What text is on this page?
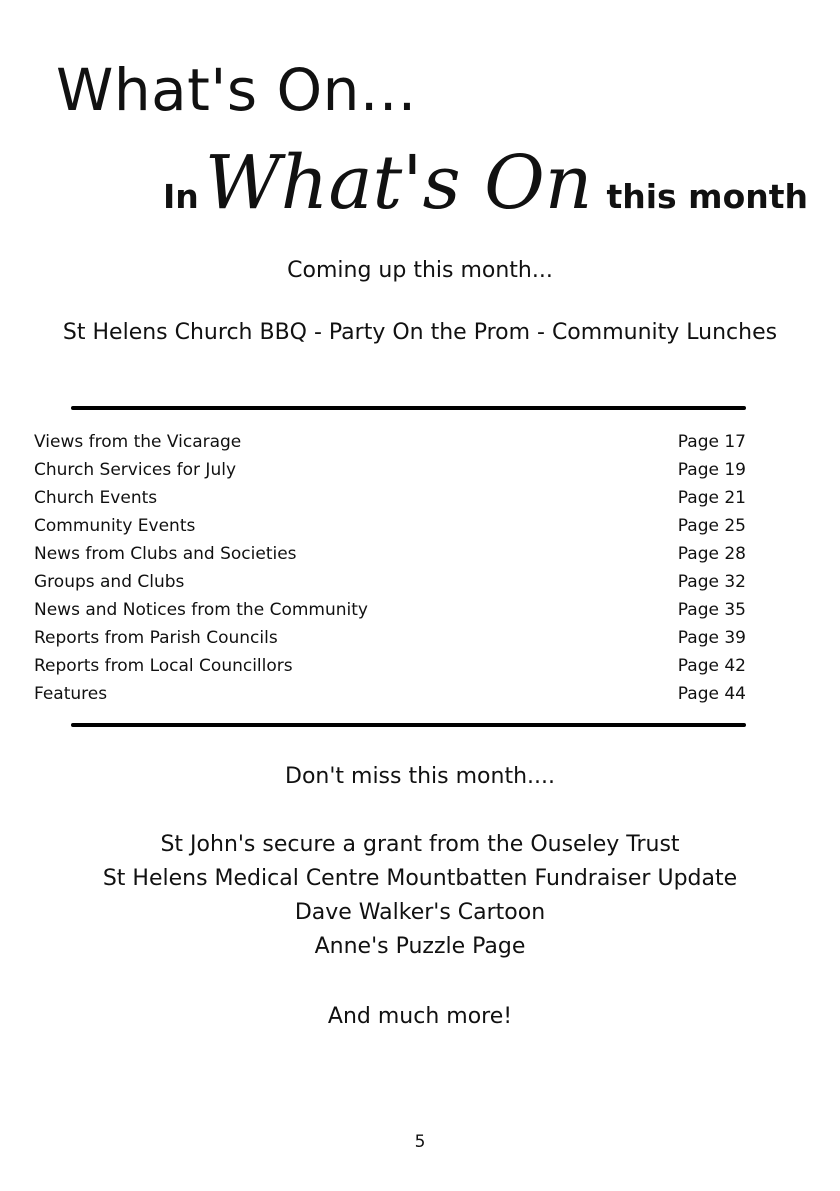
What's On...
InWhat's On this month
Coming up this month...
St Helens Church BBQ - Party On the Prom - Community Lunches
Views from the Vicarage	Page 17
Church Services for July	Page 19
Church Events	Page 21
Community Events	Page 25
News from Clubs and Societies	Page 28
Groups and Clubs	Page 32
News and Notices from the Community	Page 35
Reports from Parish Councils	Page 39
Reports from Local Councillors	Page 42
Features	Page 44
Don't miss this month....
St John's secure a grant from the Ouseley Trust
St Helens Medical Centre Mountbatten Fundraiser Update
Dave Walker's Cartoon
Anne's Puzzle Page
And much more!
5
